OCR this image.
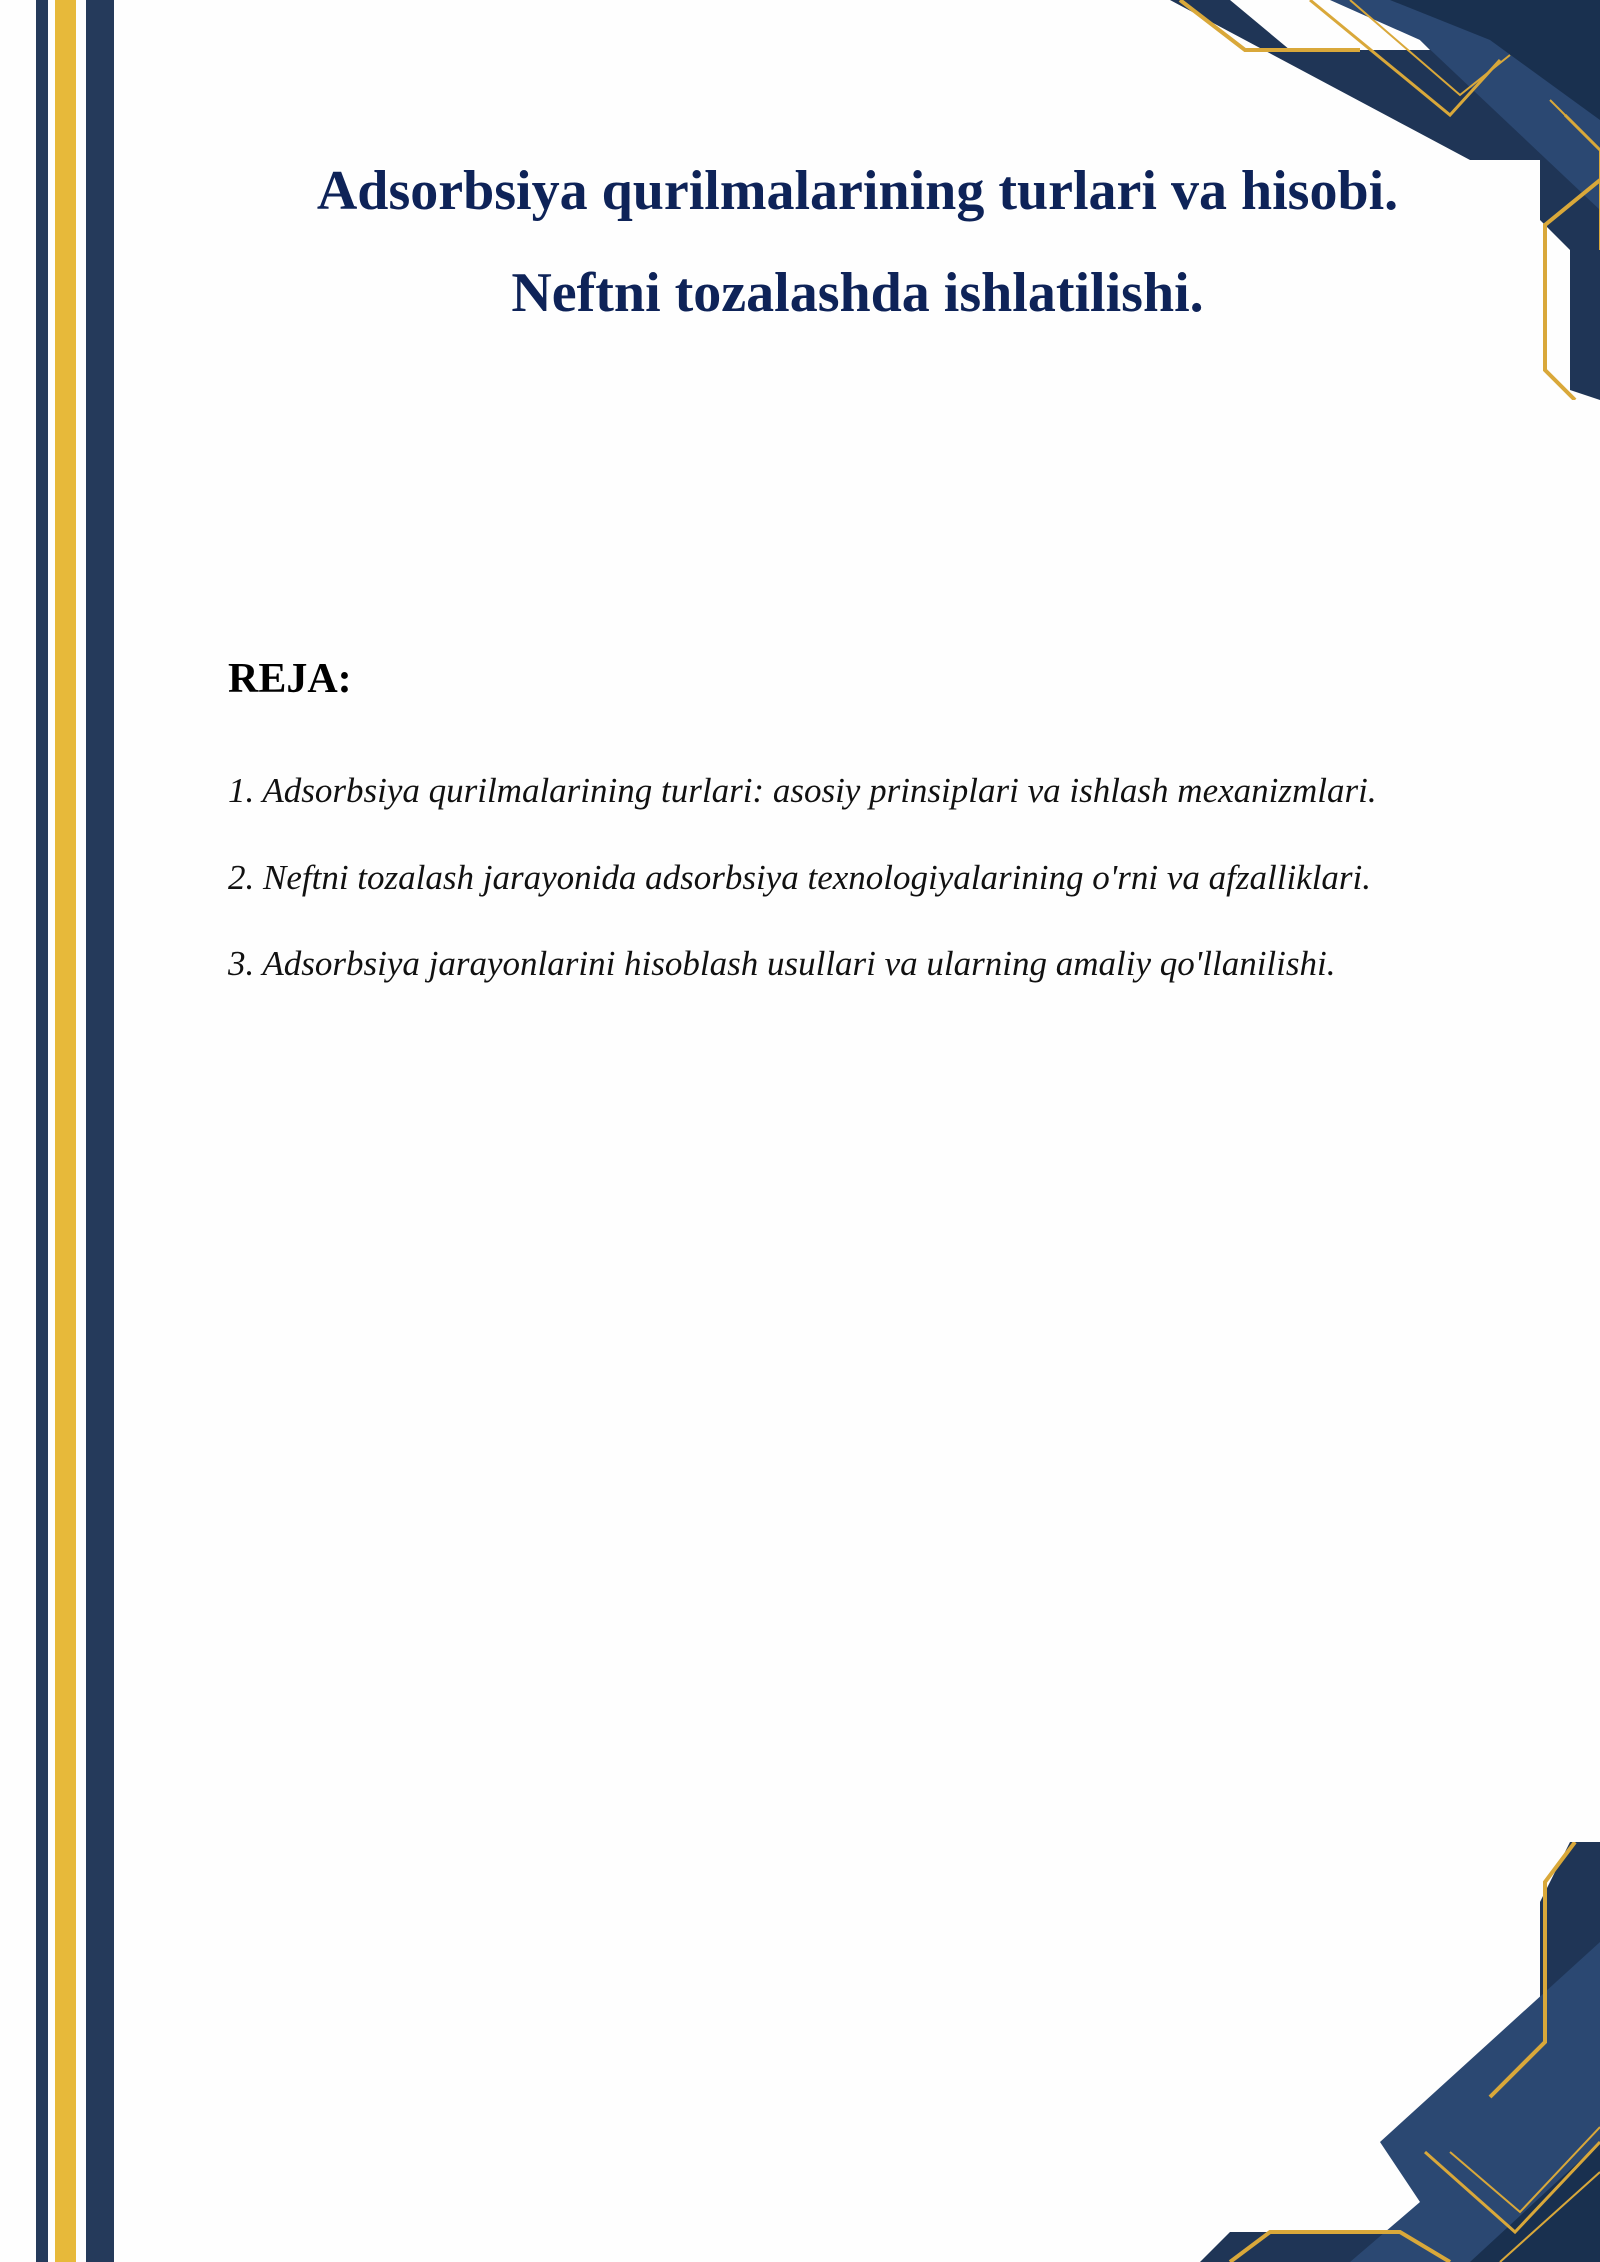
Adsorbsiya qurilmalarining turlari va hisobi.
Neftni tozalashda ishlatilishi.
REJA:
1. Adsorbsiya qurilmalarining turlari: asosiy prinsiplari va ishlash mexanizmlari.
2. Neftni tozalash jarayonida adsorbsiya texnologiyalarining o'rni va afzalliklari.
3. Adsorbsiya jarayonlarini hisoblash usullari va ularning amaliy qo'llanilishi.
